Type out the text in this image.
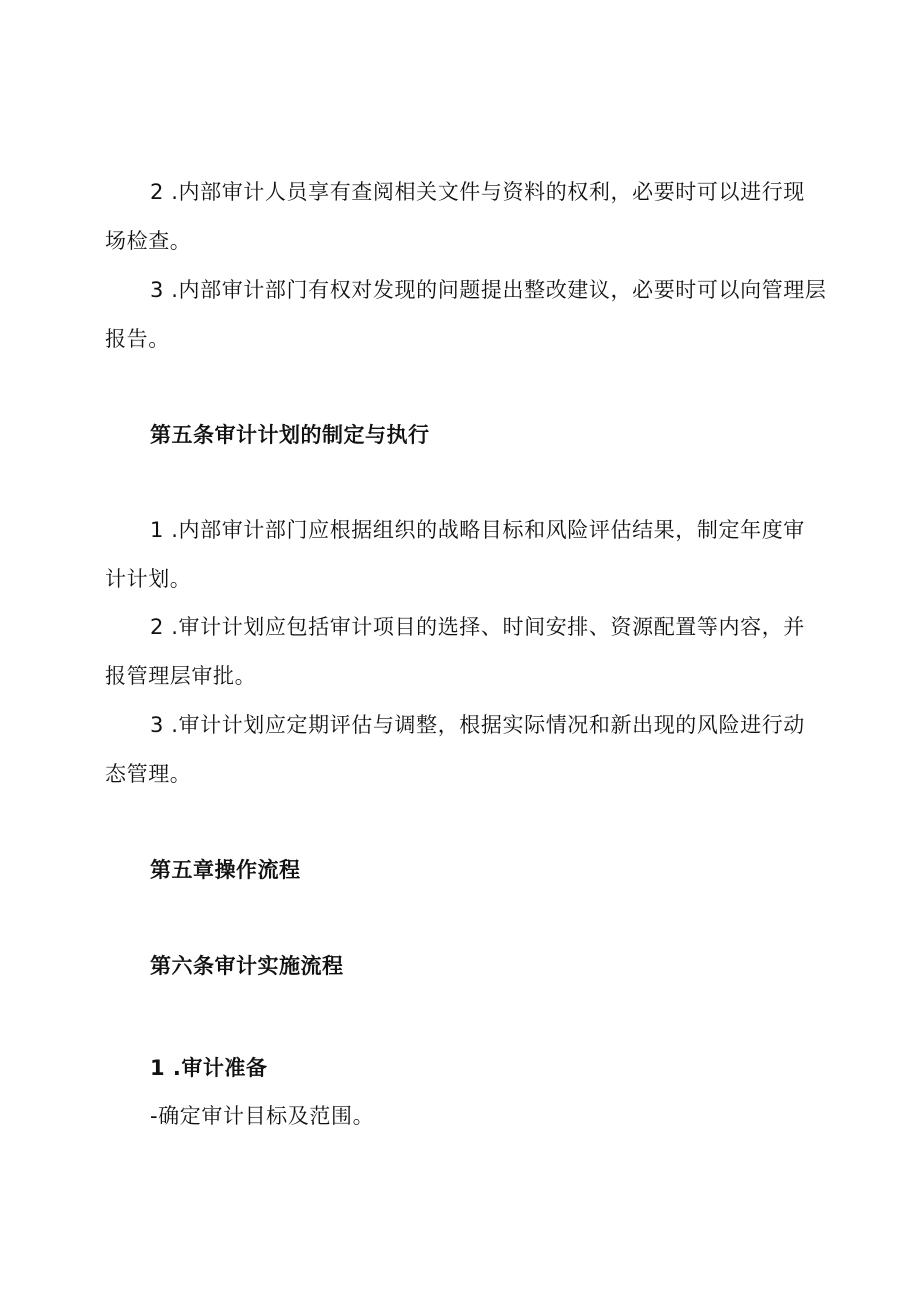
2 .内部审计人员享有查阅相关文件与资料的权利，必要时可以进行现
场检查。
3 .内部审计部门有权对发现的问题提出整改建议，必要时可以向管理层
报告。
第五条审计计划的制定与执行
1 .内部审计部门应根据组织的战略目标和风险评估结果，制定年度审
计计划。
2 .审计计划应包括审计项目的选择、时间安排、资源配置等内容，并
报管理层审批。
3 .审计计划应定期评估与调整，根据实际情况和新出现的风险进行动
态管理。
第五章操作流程
第六条审计实施流程
1 .审计准备
-确定审计目标及范围。
